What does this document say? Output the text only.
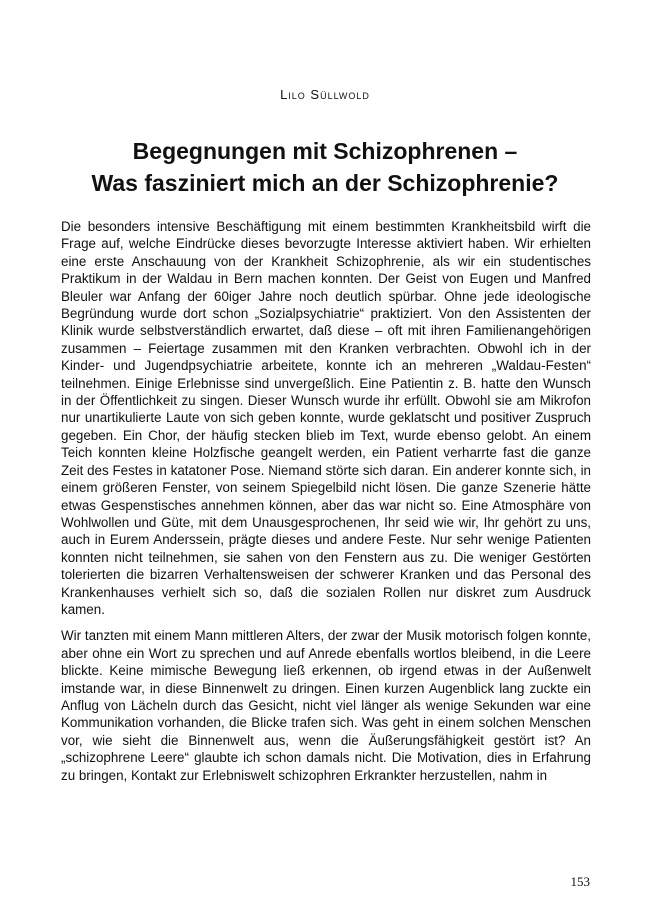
Lilo Süllwold
Begegnungen mit Schizophrenen –
Was fasziniert mich an der Schizophrenie?

Die besonders intensive Beschäftigung mit einem bestimmten Krankheitsbild wirft die Frage auf, welche Eindrücke dieses bevorzugte Interesse aktiviert haben. Wir erhielten eine erste Anschauung von der Krankheit Schizophrenie, als wir ein studentisches Praktikum in der Waldau in Bern machen konnten. Der Geist von Eugen und Manfred Bleuler war Anfang der 60iger Jahre noch deutlich spürbar. Ohne jede ideologische Begründung wurde dort schon „Sozialpsychiatrie“ praktiziert. Von den Assistenten der Klinik wurde selbstverständlich erwartet, daß diese – oft mit ihren Familienangehörigen zusammen – Feiertage zusammen mit den Kranken verbrachten. Obwohl ich in der Kinder- und Jugendpsychiatrie arbeitete, konnte ich an mehreren „Waldau-Festen“ teilnehmen. Einige Erlebnisse sind unvergeßlich. Eine Patientin z. B. hatte den Wunsch in der Öffentlichkeit zu singen. Dieser Wunsch wurde ihr erfüllt. Obwohl sie am Mikrofon nur unartikulierte Laute von sich geben konnte, wurde geklatscht und positiver Zuspruch gegeben. Ein Chor, der häufig stecken blieb im Text, wurde ebenso gelobt. An einem Teich konnten kleine Holzfische geangelt werden, ein Patient verharrte fast die ganze Zeit des Festes in katatoner Pose. Niemand störte sich daran. Ein anderer konnte sich, in einem größeren Fenster, von seinem Spiegelbild nicht lösen. Die ganze Szenerie hätte etwas Gespenstisches annehmen können, aber das war nicht so. Eine Atmosphäre von Wohlwollen und Güte, mit dem Unausgesprochenen, Ihr seid wie wir, Ihr gehört zu uns, auch in Eurem Anderssein, prägte dieses und andere Feste. Nur sehr wenige Patienten konnten nicht teilnehmen, sie sahen von den Fenstern aus zu. Die weniger Gestörten tolerierten die bizarren Verhaltensweisen der schwerer Kranken und das Personal des Krankenhauses verhielt sich so, daß die sozialen Rollen nur diskret zum Ausdruck kamen.

Wir tanzten mit einem Mann mittleren Alters, der zwar der Musik motorisch folgen konnte, aber ohne ein Wort zu sprechen und auf Anrede ebenfalls wortlos bleibend, in die Leere blickte. Keine mimische Bewegung ließ erkennen, ob irgend etwas in der Außenwelt imstande war, in diese Binnenwelt zu dringen. Einen kurzen Augenblick lang zuckte ein Anflug von Lächeln durch das Gesicht, nicht viel länger als wenige Sekunden war eine Kommunikation vorhanden, die Blicke trafen sich. Was geht in einem solchen Menschen vor, wie sieht die Binnenwelt aus, wenn die Äußerungsfähigkeit gestört ist? An „schizophrene Leere“ glaubte ich schon damals nicht. Die Motivation, dies in Erfahrung zu bringen, Kontakt zur Erlebniswelt schizophren Erkrankter herzustellen, nahm in

153
